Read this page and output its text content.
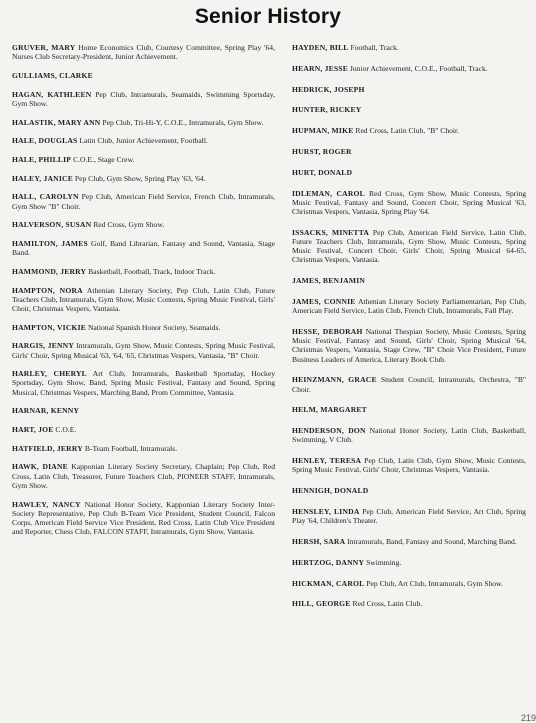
Senior History
GRUVER, MARY Home Economics Club, Courtesy Committee, Spring Play '64, Nurses Club Secretary-President, Junior Achievement.
GULLIAMS, CLARKE
HAGAN, KATHLEEN Pep Club, Intramurals, Seamaids, Swimming Sportsday, Gym Show.
HALASTIK, MARY ANN Pep Club, Tri-Hi-Y, C.O.E., Intramurals, Gym Show.
HALE, DOUGLAS Latin Club, Junior Achievement, Football.
HALE, PHILLIP C.O.E., Stage Crew.
HALEY, JANICE Pep Club, Gym Show, Spring Play '63, '64.
HALL, CAROLYN Pep Club, American Field Service, French Club, Intramurals, Gym Show "B" Choir.
HALVERSON, SUSAN Red Cross, Gym Show.
HAMILTON, JAMES Golf, Band Librarian, Fantasy and Sound, Vantasia, Stage Band.
HAMMOND, JERRY Basketball, Football, Track, Indoor Track.
HAMPTON, NORA Athenian Literary Society, Pep Club, Latin Club, Future Teachers Club, Intramurals, Gym Show, Music Contests, Spring Music Festival, Girls' Choir, Christmas Vespers, Vantasia.
HAMPTON, VICKIE National Spanish Honor Society, Seamaids.
HARGIS, JENNY Intramurals, Gym Show, Music Contests, Spring Music Festival, Girls' Choir, Spring Musical '63, '64, '65, Christmas Vespers, Vantasia, "B" Choir.
HARLEY, CHERYL Art Club, Intramurals, Basketball Sportsday, Hockey Sportsday, Gym Show, Band, Spring Music Festival, Fantasy and Sound, Spring Musical, Christmas Vespers, Marching Band, Prom Committee, Vantasia.
HARNAR, KENNY
HART, JOE C.O.E.
HATFIELD, JERRY B-Team Football, Intramurals.
HAWK, DIANE Kapponian Literary Society Secretary, Chaplain; Pep Club, Red Cross, Latin Club, Treasurer, Future Teachers Club, PIONEER STAFF, Intramurals, Gym Show.
HAWLEY, NANCY National Honor Society, Kapponian Literary Society Inter-Society Representative, Pep Club B-Team Vice President, Student Council, Falcon Corps, American Field Service Vice President, Red Cross, Latin Club Vice President and Reporter, Chess Club, FALCON STAFF, Intramurals, Gym Show, Vantasia.
HAYDEN, BILL Football, Track.
HEARN, JESSE Junior Achievement, C.O.E., Football, Track.
HEDRICK, JOSEPH
HUNTER, RICKEY
HUPMAN, MIKE Red Cross, Latin Club, "B" Choir.
HURST, ROGER
HURT, DONALD
IDLEMAN, CAROL Red Cross, Gym Show, Music Contests, Spring Music Festival, Fantasy and Sound, Concert Choir, Spring Musical '63, Christmas Vespers, Vantasia, Spring Play '64.
ISSACKS, MINETTA Pep Club, American Field Service, Latin Club, Future Teachers Club, Intramurals, Gym Show, Music Contests, Spring Music Festival, Concert Choir, Girls' Choir, Spring Musical 64-65, Christmas Vespers, Vantasia.
JAMES, BENJAMIN
JAMES, CONNIE Athenian Literary Society Parliamentarian, Pep Club, American Field Service, Latin Club, French Club, Intramurals, Fall Play.
HESSE, DEBORAH National Thespian Society, Music Contests, Spring Music Festival, Fantasy and Sound, Girls' Choir, Spring Musical '64, Christmas Vespers, Vantasia, Stage Crew, "B" Choir Vice President, Future Business Leaders of America, Literary Book Club.
HEINZMANN, GRACE Student Council, Intramurals, Orchestra, "B" Choir.
HELM, MARGARET
HENDERSON, DON National Honor Society, Latin Club, Basketball, Swimming, V Club.
HENLEY, TERESA Pep Club, Latin Club, Gym Show, Music Contests, Spring Music Festival, Girls' Choir, Christmas Vespers, Vantasia.
HENNIGH, DONALD
HENSLEY, LINDA Pep Club, American Field Service, Art Club, Spring Play '64, Children's Theater.
HERSH, SARA Intramurals, Band, Fantasy and Sound, Marching Band.
HERTZOG, DANNY Swimming.
HICKMAN, CAROL Pep Club, Art Club, Intramurals, Gym Show.
HILL, GEORGE Red Cross, Latin Club.
219
